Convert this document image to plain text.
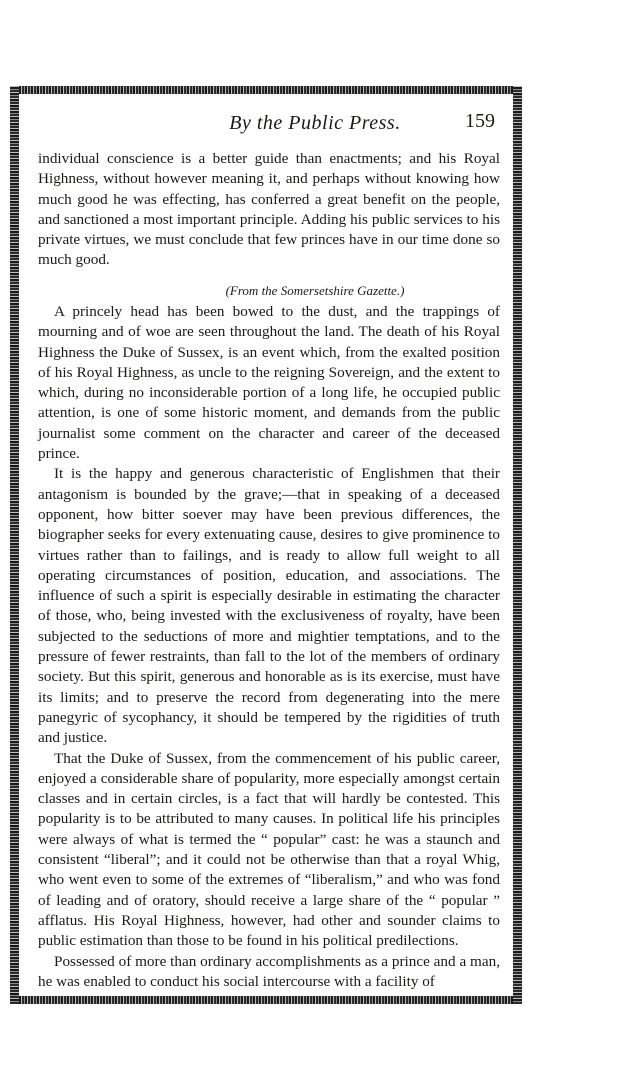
By the Public Press.	159

individual conscience is a better guide than enactments; and his Royal Highness, without however meaning it, and perhaps without knowing how much good he was effecting, has conferred a great benefit on the people, and sanctioned a most important principle. Adding his public services to his private virtues, we must conclude that few princes have in our time done so much good.

(From the Somersetshire Gazette.)

A princely head has been bowed to the dust, and the trappings of mourning and of woe are seen throughout the land. The death of his Royal Highness the Duke of Sussex, is an event which, from the exalted position of his Royal Highness, as uncle to the reigning Sovereign, and the extent to which, during no inconsiderable portion of a long life, he occupied public attention, is one of some historic moment, and demands from the public journalist some comment on the character and career of the deceased prince.

It is the happy and generous characteristic of Englishmen that their antagonism is bounded by the grave;—that in speaking of a deceased opponent, how bitter soever may have been previous differences, the biographer seeks for every extenuating cause, desires to give prominence to virtues rather than to failings, and is ready to allow full weight to all operating circumstances of position, education, and associations. The influence of such a spirit is especially desirable in estimating the character of those, who, being invested with the exclusiveness of royalty, have been subjected to the seductions of more and mightier temptations, and to the pressure of fewer restraints, than fall to the lot of the members of ordinary society. But this spirit, generous and honorable as is its exercise, must have its limits; and to preserve the record from degenerating into the mere panegyric of sycophancy, it should be tempered by the rigidities of truth and justice.

That the Duke of Sussex, from the commencement of his public career, enjoyed a considerable share of popularity, more especially amongst certain classes and in certain circles, is a fact that will hardly be contested. This popularity is to be attributed to many causes. In political life his principles were always of what is termed the “ popular” cast: he was a staunch and consistent “liberal”; and it could not be otherwise than that a royal Whig, who went even to some of the extremes of “liberalism,” and who was fond of leading and of oratory, should receive a large share of the “ popular ” afflatus. His Royal Highness, however, had other and sounder claims to public estimation than those to be found in his political predilections.

Possessed of more than ordinary accomplishments as a prince and a man, he was enabled to conduct his social intercourse with a facility of
